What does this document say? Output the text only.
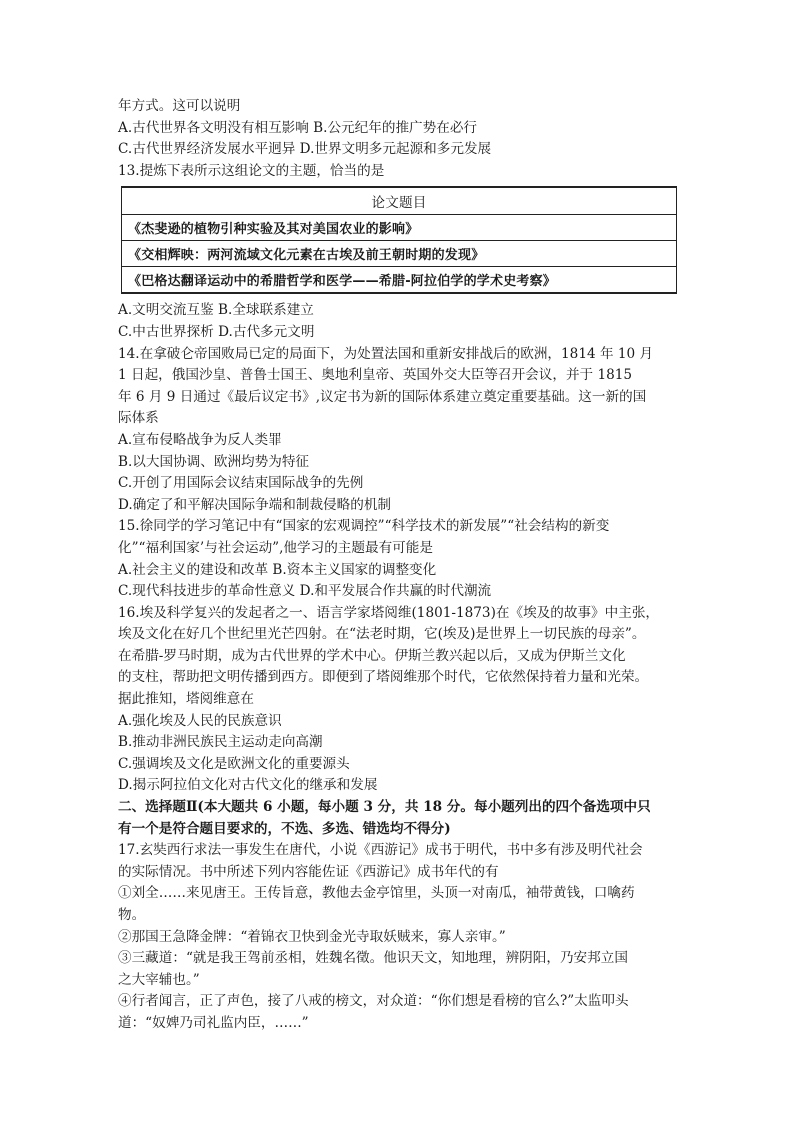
年方式。这可以说明
A.古代世界各文明没有相互影响 B.公元纪年的推广势在必行
C.古代世界经济发展水平迥异 D.世界文明多元起源和多元发展
13.提炼下表所示这组论文的主题，恰当的是
论文题目
《杰斐逊的植物引种实验及其对美国农业的影响》
《交相辉映：两河流域文化元素在古埃及前王朝时期的发现》
《巴格达翻译运动中的希腊哲学和医学——希腊-阿拉伯学的学术史考察》
A.文明交流互鉴 B.全球联系建立
C.中古世界探析 D.古代多元文明
14.在拿破仑帝国败局已定的局面下，为处置法国和重新安排战后的欧洲，1814 年 10 月
1 日起，俄国沙皇、普鲁士国王、奥地利皇帝、英国外交大臣等召开会议，并于 1815
年 6 月 9 日通过《最后议定书》,议定书为新的国际体系建立奠定重要基础。这一新的国
际体系
A.宣布侵略战争为反人类罪
B.以大国协调、欧洲均势为特征
C.开创了用国际会议结束国际战争的先例
D.确定了和平解决国际争端和制裁侵略的机制
15.徐同学的学习笔记中有“国家的宏观调控”“科学技术的新发展”“社会结构的新变
化”“福利国家’与社会运动”,他学习的主题最有可能是
A.社会主义的建设和改革 B.资本主义国家的调整变化
C.现代科技进步的革命性意义 D.和平发展合作共赢的时代潮流
16.埃及科学复兴的发起者之一、语言学家塔阅维(1801-1873)在《埃及的故事》中主张，
埃及文化在好几个世纪里光芒四射。在“法老时期，它(埃及)是世界上一切民族的母亲”。
在希腊-罗马时期，成为古代世界的学术中心。伊斯兰教兴起以后，又成为伊斯兰文化
的支柱，帮助把文明传播到西方。即便到了塔阅维那个时代，它依然保持着力量和光荣。
据此推知，塔阅维意在
A.强化埃及人民的民族意识
B.推动非洲民族民主运动走向高潮
C.强调埃及文化是欧洲文化的重要源头
D.揭示阿拉伯文化对古代文化的继承和发展
二、选择题Ⅱ(本大题共 6 小题，每小题 3 分，共 18 分。每小题列出的四个备选项中只
有一个是符合题目要求的，不选、多选、错选均不得分)
17.玄奘西行求法一事发生在唐代，小说《西游记》成书于明代，书中多有涉及明代社会
的实际情况。书中所述下列内容能佐证《西游记》成书年代的有
①刘全……来见唐王。王传旨意，教他去金亭馆里，头顶一对南瓜，袖带黄钱，口噙药
物。
②那国王急降金牌：“着锦衣卫快到金光寺取妖贼来，寡人亲审。”
③三藏道：“就是我王驾前丞相，姓魏名徵。他识天文，知地理，辨阴阳，乃安邦立国
之大宰辅也。”
④行者闻言，正了声色，接了八戒的榜文，对众道：“你们想是看榜的官么?”太监叩头
道：“奴婢乃司礼监内臣，……”
